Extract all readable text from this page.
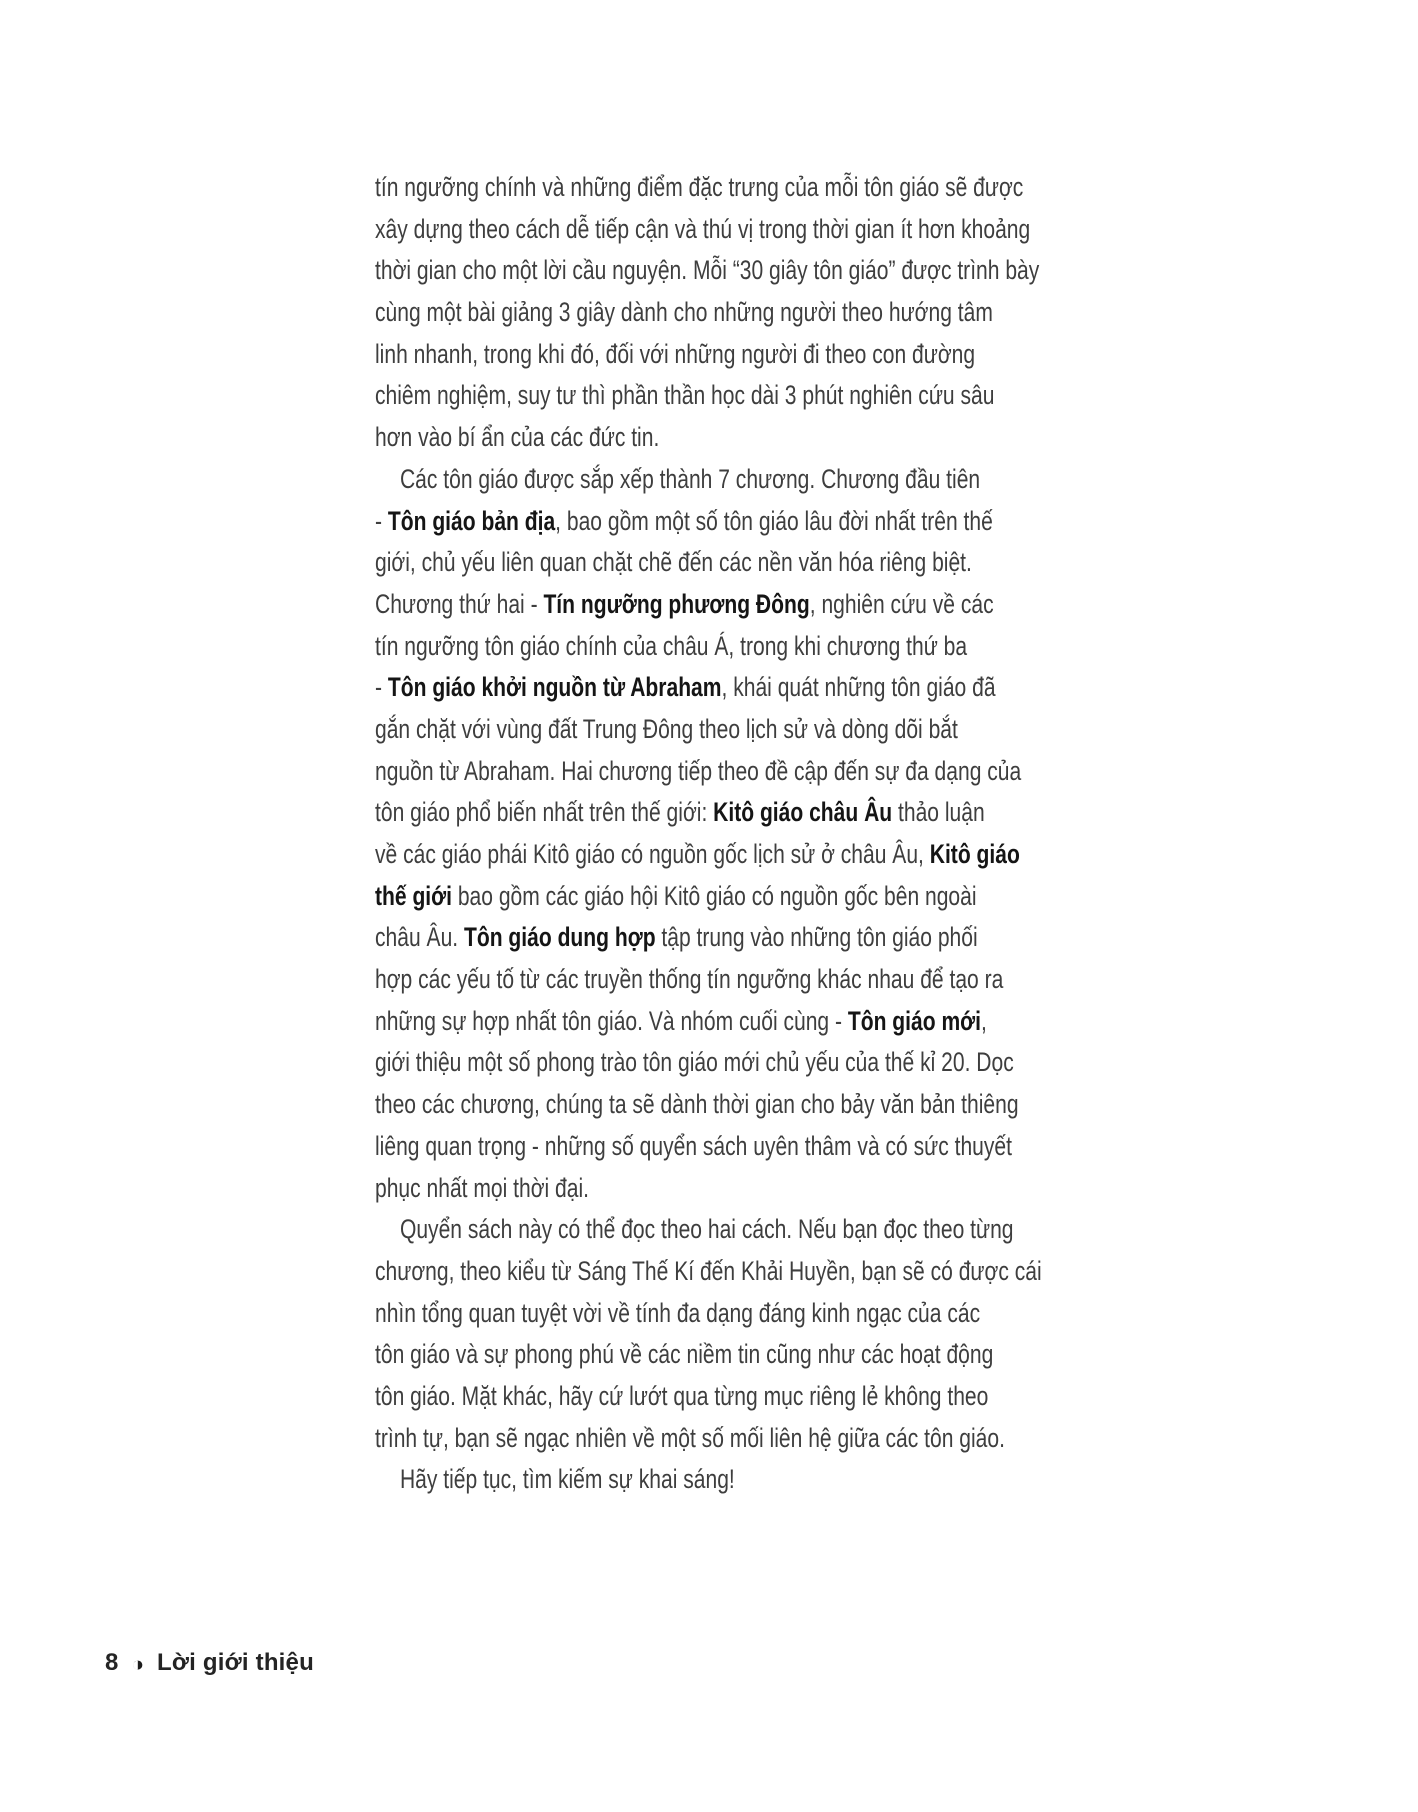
tín ngưỡng chính và những điểm đặc trưng của mỗi tôn giáo sẽ được
xây dựng theo cách dễ tiếp cận và thú vị trong thời gian ít hơn khoảng
thời gian cho một lời cầu nguyện. Mỗi “30 giây tôn giáo” được trình bày
cùng một bài giảng 3 giây dành cho những người theo hướng tâm
linh nhanh, trong khi đó, đối với những người đi theo con đường
chiêm nghiệm, suy tư thì phần thần học dài 3 phút nghiên cứu sâu
hơn vào bí ẩn của các đức tin.
Các tôn giáo được sắp xếp thành 7 chương. Chương đầu tiên
- Tôn giáo bản địa, bao gồm một số tôn giáo lâu đời nhất trên thế
giới, chủ yếu liên quan chặt chẽ đến các nền văn hóa riêng biệt.
Chương thứ hai - Tín ngưỡng phương Đông, nghiên cứu về các
tín ngưỡng tôn giáo chính của châu Á, trong khi chương thứ ba
- Tôn giáo khởi nguồn từ Abraham, khái quát những tôn giáo đã
gắn chặt với vùng đất Trung Đông theo lịch sử và dòng dõi bắt
nguồn từ Abraham. Hai chương tiếp theo đề cập đến sự đa dạng của
tôn giáo phổ biến nhất trên thế giới: Kitô giáo châu Âu thảo luận
về các giáo phái Kitô giáo có nguồn gốc lịch sử ở châu Âu, Kitô giáo
thế giới bao gồm các giáo hội Kitô giáo có nguồn gốc bên ngoài
châu Âu. Tôn giáo dung hợp tập trung vào những tôn giáo phối
hợp các yếu tố từ các truyền thống tín ngưỡng khác nhau để tạo ra
những sự hợp nhất tôn giáo. Và nhóm cuối cùng - Tôn giáo mới,
giới thiệu một số phong trào tôn giáo mới chủ yếu của thế kỉ 20. Dọc
theo các chương, chúng ta sẽ dành thời gian cho bảy văn bản thiêng
liêng quan trọng - những số quyển sách uyên thâm và có sức thuyết
phục nhất mọi thời đại.
Quyển sách này có thể đọc theo hai cách. Nếu bạn đọc theo từng
chương, theo kiểu từ Sáng Thế Kí đến Khải Huyền, bạn sẽ có được cái
nhìn tổng quan tuyệt vời về tính đa dạng đáng kinh ngạc của các
tôn giáo và sự phong phú về các niềm tin cũng như các hoạt động
tôn giáo. Mặt khác, hãy cứ lướt qua từng mục riêng lẻ không theo
trình tự, bạn sẽ ngạc nhiên về một số mối liên hệ giữa các tôn giáo.
Hãy tiếp tục, tìm kiếm sự khai sáng!
8 ◑ Lời giới thiệu
